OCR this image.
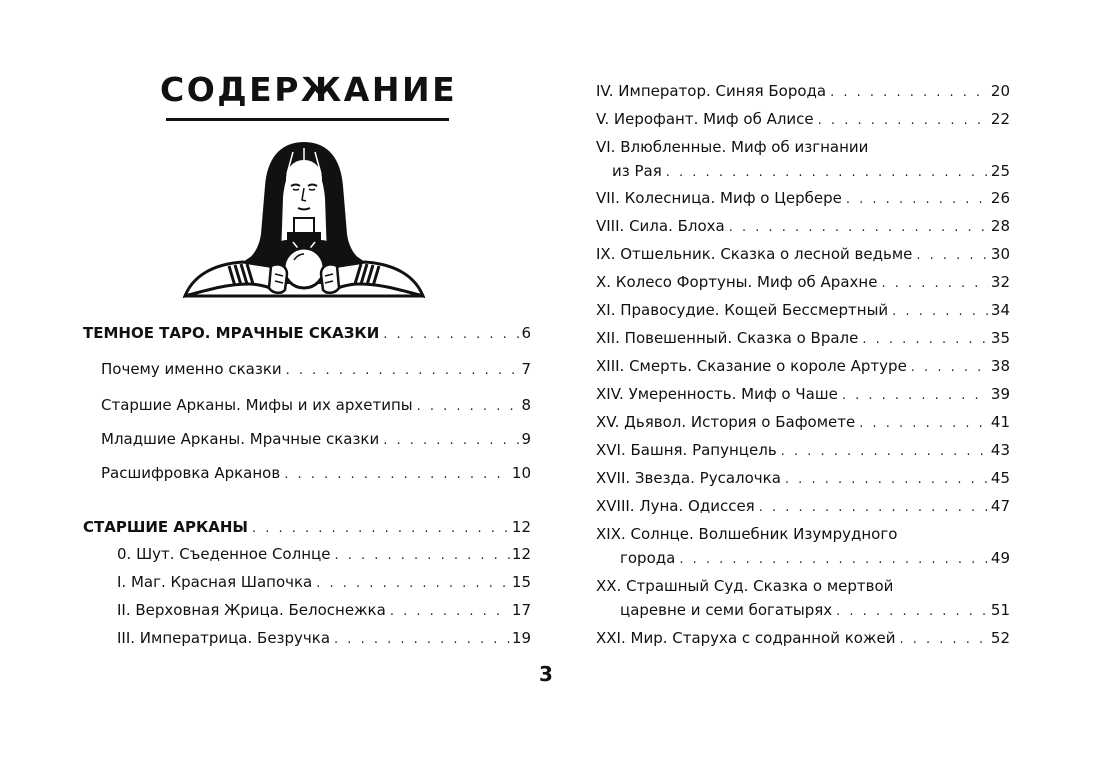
СОДЕРЖАНИЕ
ТЕМНОЕ ТАРО. МРАЧНЫЕ СКАЗКИ . . .	6
Почему именно сказки . . .	7
Старшие Арканы. Мифы и их архетипы . . .	8
Младшие Арканы. Мрачные сказки . . .	9
Расшифровка Арканов . . .	10
СТАРШИЕ АРКАНЫ . . .	12
0. Шут. Съеденное Солнце . . .	12
I. Маг. Красная Шапочка . . .	15
II. Верховная Жрица. Белоснежка . . .	17
III. Императрица. Безручка . . .	19
IV. Император. Синяя Борода . . .	20
V. Иерофант. Миф об Алисе . . .	22
VI. Влюбленные. Миф об изгнании
из Рая . . .	25
VII. Колесница. Миф о Цербере . . .	26
VIII. Сила. Блоха . . .	28
IX. Отшельник. Сказка о лесной ведьме . . .	30
X. Колесо Фортуны. Миф об Арахне . . .	32
XI. Правосудие. Кощей Бессмертный . . .	34
XII. Повешенный. Сказка о Врале . . .	35
XIII. Смерть. Сказание о короле Артуре . . .	38
XIV. Умеренность. Миф о Чаше . . .	39
XV. Дьявол. История о Бафомете . . .	41
XVI. Башня. Рапунцель . . .	43
XVII. Звезда. Русалочка . . .	45
XVIII. Луна. Одиссея . . .	47
XIX. Солнце. Волшебник Изумрудного
города . . .	49
XX. Страшный Суд. Сказка о мертвой
царевне и семи богатырях . . .	51
XXI. Мир. Старуха с содранной кожей . . .	52
3
